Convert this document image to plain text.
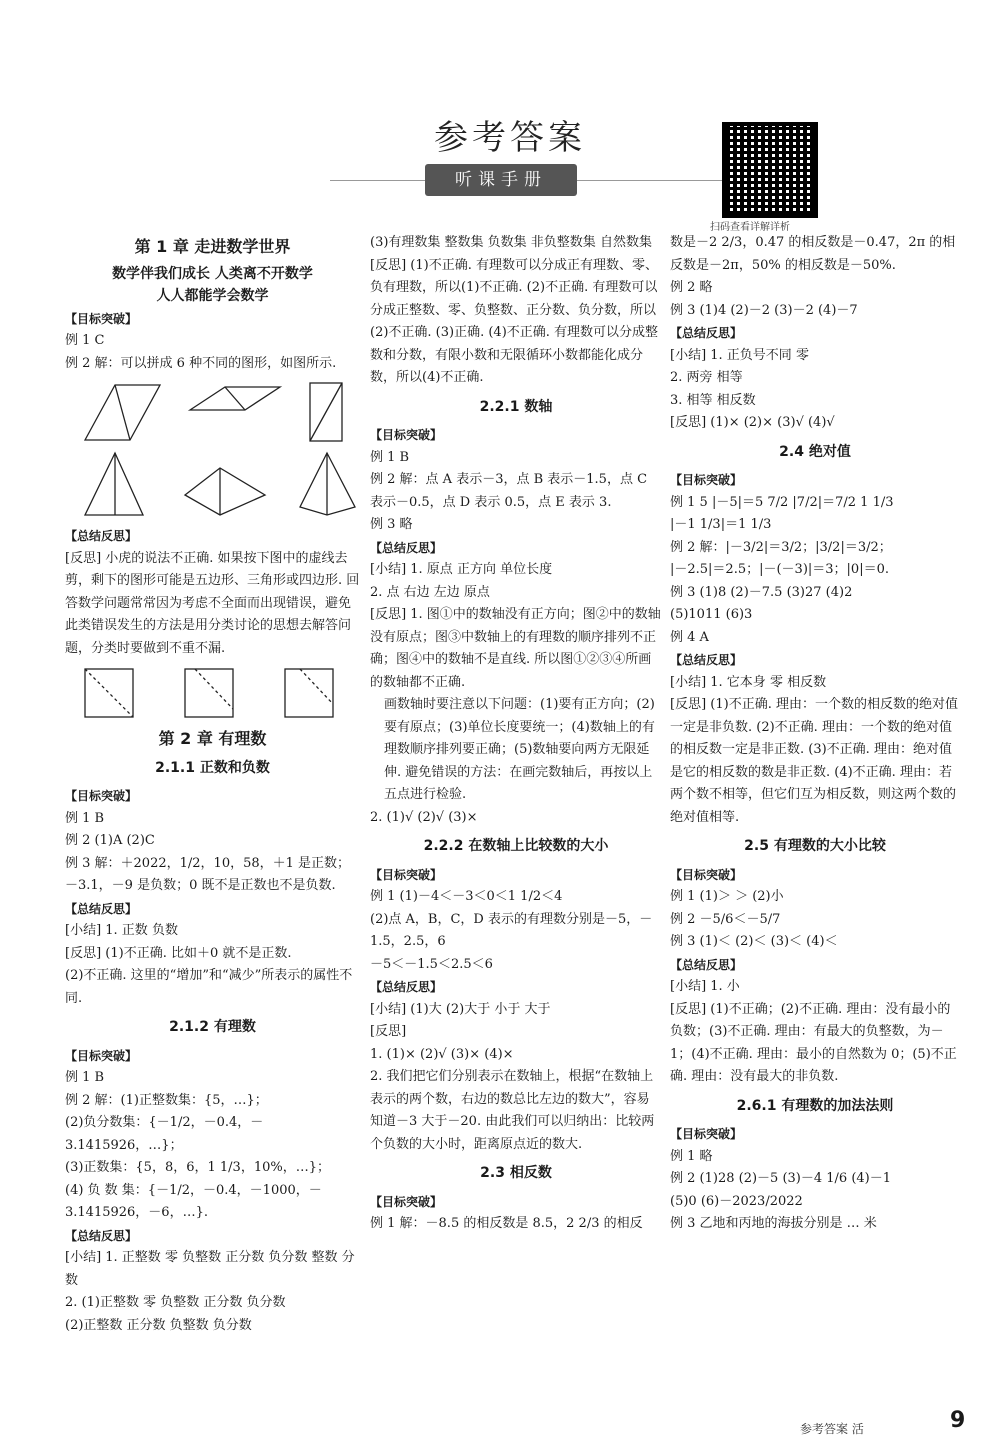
参考答案
听课手册
扫码查看详解详析

第 1 章 走进数学世界

数学伴我们成长 人类离不开数学

人人都能学会数学

【目标突破】

例 1 C

例 2 解：可以拼成 6 种不同的图形，如图所示.

【总结反思】

[反思] 小虎的说法不正确. 如果按下图中的虚线去剪，剩下的图形可能是五边形、三角形或四边形. 回答数学问题常常因为考虑不全面而出现错误，避免此类错误发生的方法是用分类讨论的思想去解答问题，分类时要做到不重不漏.

第 2 章 有理数

2.1.1 正数和负数

【目标突破】

例 1 B

例 2 (1)A (2)C

例 3 解：＋2022，1/2，10，58，＋1 是正数；－3.1，－9 是负数；0 既不是正数也不是负数.

【总结反思】

[小结] 1. 正数 负数

[反思] (1)不正确. 比如＋0 就不是正数.

(2)不正确. 这里的“增加”和“减少”所表示的属性不同.

2.1.2 有理数

【目标突破】

例 1 B

例 2 解：(1)正整数集：{5，…}；

(2)负分数集：{－1/2，－0.4，－3.1415926，…}；

(3)正数集：{5，8，6，1 1/3，10%，…}；

(4) 负 数 集：{－1/2，－0.4，－1000，－3.1415926，－6，…}.

【总结反思】

[小结] 1. 正整数 零 负整数 正分数 负分数 整数 分数

2. (1)正整数 零 负整数 正分数 负分数

(2)正整数 正分数 负整数 负分数

(3)有理数集 整数集 负数集 非负整数集 自然数集

[反思] (1)不正确. 有理数可以分成正有理数、零、负有理数，所以(1)不正确. (2)不正确. 有理数可以分成正整数、零、负整数、正分数、负分数，所以(2)不正确. (3)正确. (4)不正确. 有理数可以分成整数和分数，有限小数和无限循环小数都能化成分数，所以(4)不正确.

2.2.1 数轴

【目标突破】

例 1 B

例 2 解：点 A 表示－3，点 B 表示－1.5，点 C 表示－0.5，点 D 表示 0.5，点 E 表示 3.

例 3 略

【总结反思】

[小结] 1. 原点 正方向 单位长度

2. 点 右边 左边 原点

[反思] 1. 图①中的数轴没有正方向；图②中的数轴没有原点；图③中数轴上的有理数的顺序排列不正确；图④中的数轴不是直线. 所以图①②③④所画的数轴都不正确.

画数轴时要注意以下问题：(1)要有正方向；(2)要有原点；(3)单位长度要统一；(4)数轴上的有理数顺序排列要正确；(5)数轴要向两方无限延伸. 避免错误的方法：在画完数轴后，再按以上五点进行检验.

2. (1)√ (2)√ (3)×

2.2.2 在数轴上比较数的大小

【目标突破】

例 1 (1)－4＜－3＜0＜1 1/2＜4

(2)点 A，B，C，D 表示的有理数分别是－5，－1.5，2.5，6

－5＜－1.5＜2.5＜6

【总结反思】

[小结] (1)大 (2)大于 小于 大于

[反思]

1. (1)× (2)√ (3)× (4)×

2. 我们把它们分别表示在数轴上，根据“在数轴上表示的两个数，右边的数总比左边的数大”，容易知道－3 大于－20. 由此我们可以归纳出：比较两个负数的大小时，距离原点近的数大.

2.3 相反数

【目标突破】

例 1 解：－8.5 的相反数是 8.5，2 2/3 的相反

数是－2 2/3，0.47 的相反数是－0.47，2π 的相反数是－2π，50% 的相反数是－50%.

例 2 略

例 3 (1)4 (2)－2 (3)－2 (4)－7

【总结反思】

[小结] 1. 正负号不同 零

2. 两旁 相等

3. 相等 相反数

[反思] (1)× (2)× (3)√ (4)√

2.4 绝对值

【目标突破】

例 1 5 |－5|＝5 7/2 |7/2|＝7/2 1 1/3

|－1 1/3|＝1 1/3

例 2 解：|－3/2|＝3/2；|3/2|＝3/2；

|－2.5|＝2.5；|－(－3)|＝3；|0|＝0.

例 3 (1)8 (2)－7.5 (3)27 (4)2

(5)1011 (6)3

例 4 A

【总结反思】

[小结] 1. 它本身 零 相反数

[反思] (1)不正确. 理由：一个数的相反数的绝对值一定是非负数. (2)不正确. 理由：一个数的绝对值的相反数一定是非正数. (3)不正确. 理由：绝对值是它的相反数的数是非正数. (4)不正确. 理由：若两个数不相等，但它们互为相反数，则这两个数的绝对值相等.

2.5 有理数的大小比较

【目标突破】

例 1 (1)＞ ＞ (2)小

例 2 －5/6＜－5/7

例 3 (1)＜ (2)＜ (3)＜ (4)＜

【总结反思】

[小结] 1. 小

[反思] (1)不正确；(2)不正确. 理由：没有最小的负数；(3)不正确. 理由：有最大的负整数，为－1；(4)不正确. 理由：最小的自然数为 0；(5)不正确. 理由：没有最大的非负数.

2.6.1 有理数的加法法则

【目标突破】

例 1 略

例 2 (1)28 (2)－5 (3)－4 1/6 (4)－1

(5)0 (6)－2023/2022

例 3 乙地和丙地的海拔分别是 … 米

参考答案 活	9
